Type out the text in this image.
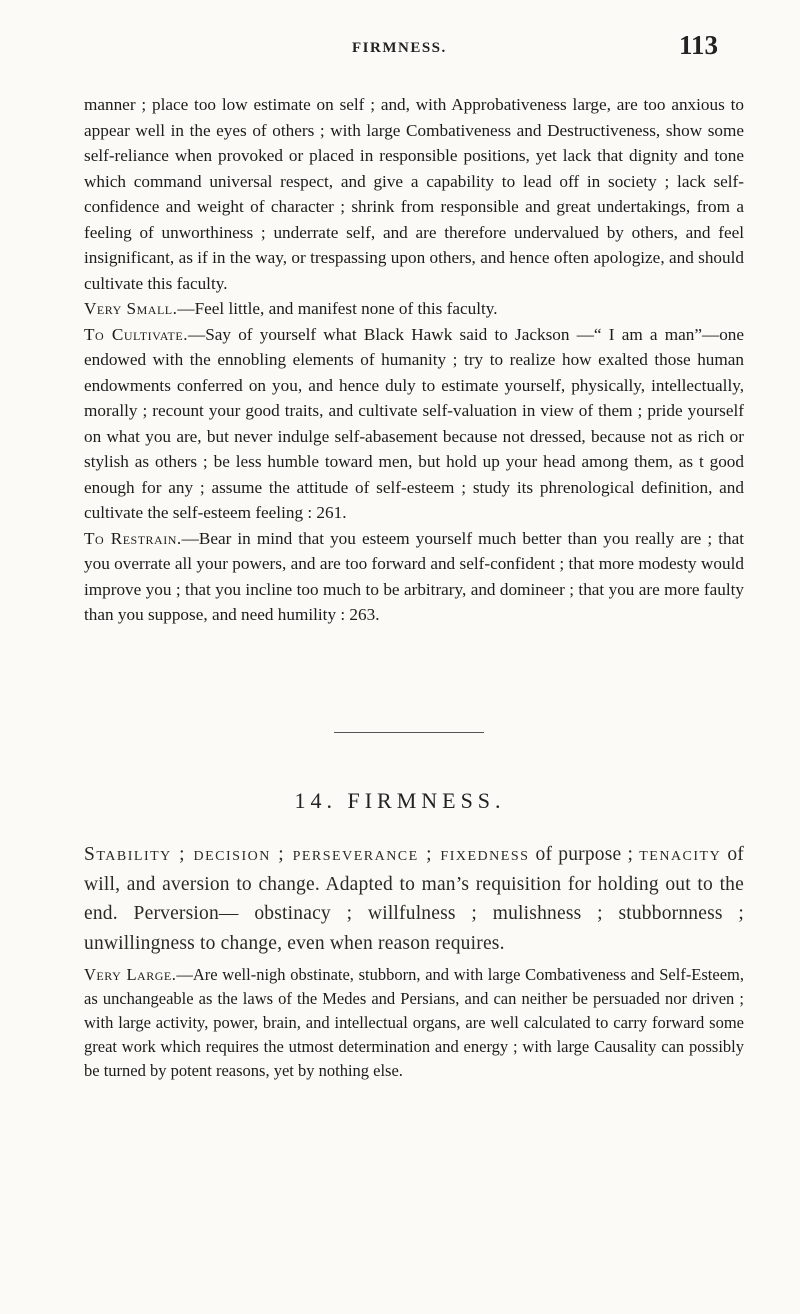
FIRMNESS.	113

manner ; place too low estimate on self ; and, with Approbativeness large, are too anxious to appear well in the eyes of others ; with large Combativeness and Destructiveness, show some self-reliance when provoked or placed in responsible positions, yet lack that dignity and tone which command universal respect, and give a capability to lead off in society ; lack self-confidence and weight of character ; shrink from responsible and great undertakings, from a feeling of unworthiness ; underrate self, and are therefore undervalued by others, and feel insignificant, as if in the way, or trespassing upon others, and hence often apologize, and should cultivate this faculty.

Very Small.—Feel little, and manifest none of this faculty.

To Cultivate.—Say of yourself what Black Hawk said to Jackson —“ I am a man”—one endowed with the ennobling elements of humanity ; try to realize how exalted those human endowments conferred on you, and hence duly to estimate yourself, physically, intellectually, morally ; recount your good traits, and cultivate self-valuation in view of them ; pride yourself on what you are, but never indulge self-abasement because not dressed, because not as rich or stylish as others ; be less humble toward men, but hold up your head among them, as t good enough for any ; assume the attitude of self-esteem ; study its phrenological definition, and cultivate the self-esteem feeling : 261.

To Restrain.—Bear in mind that you esteem yourself much better than you really are ; that you overrate all your powers, and are too forward and self-confident ; that more modesty would improve you ; that you incline too much to be arbitrary, and domineer ; that you are more faulty than you suppose, and need humility : 263.

14. FIRMNESS.

Stability ; decision ; perseverance ; fixedness of purpose ; tenacity of will, and aversion to change. Adapted to man’s requisition for holding out to the end. Perversion— obstinacy ; willfulness ; mulishness ; stubbornness ; unwillingness to change, even when reason requires.

Very Large.—Are well-nigh obstinate, stubborn, and with large Combativeness and Self-Esteem, as unchangeable as the laws of the Medes and Persians, and can neither be persuaded nor driven ; with large activity, power, brain, and intellectual organs, are well calculated to carry forward some great work which requires the utmost determination and energy ; with large Causality can possibly be turned by potent reasons, yet by nothing else.
